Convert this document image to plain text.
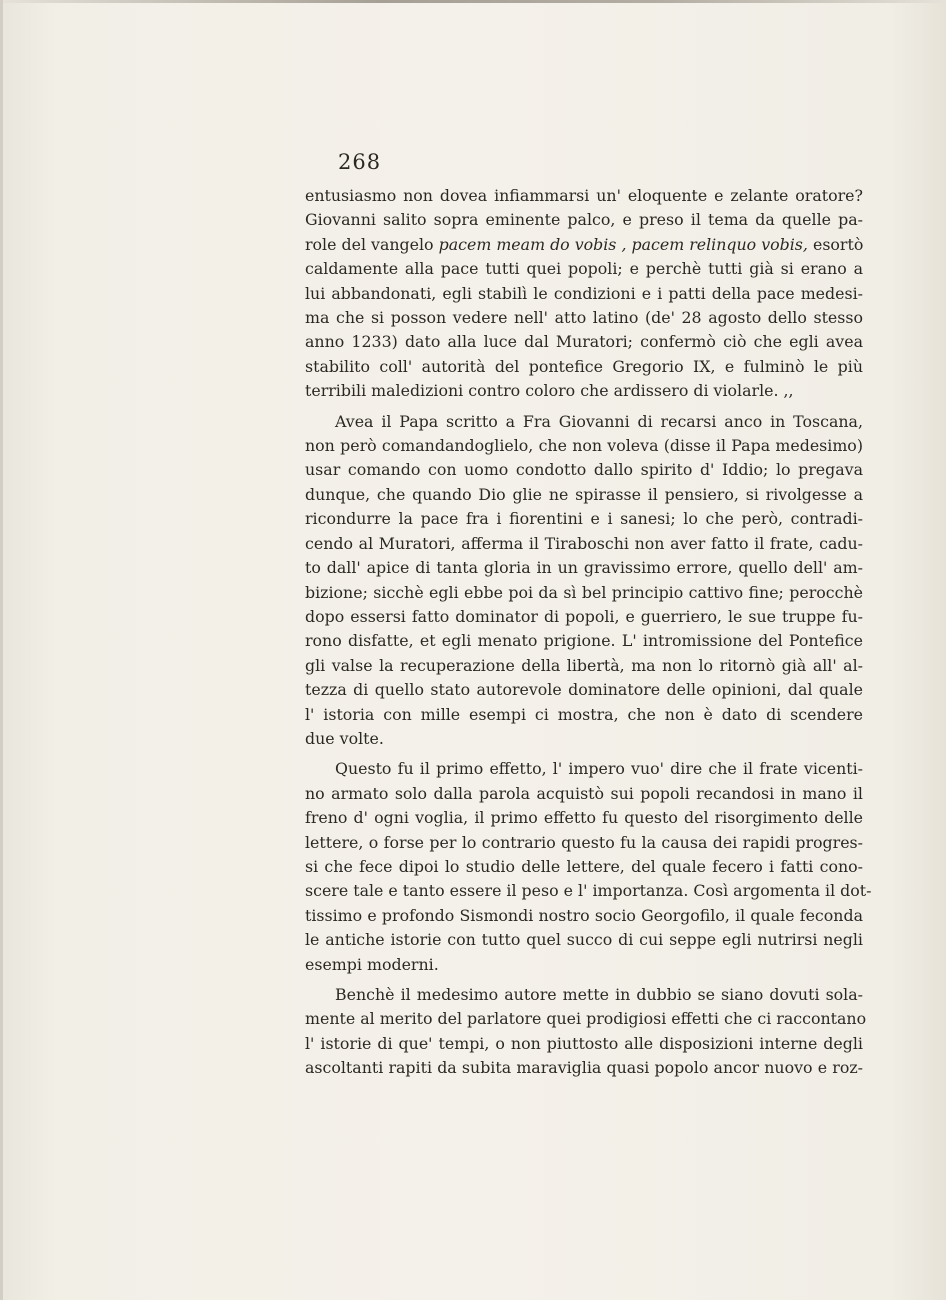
268
entusiasmo non dovea infiammarsi un' eloquente e zelante oratore?
Giovanni salito sopra eminente palco, e preso il tema da quelle pa-
role del vangelo pacem meam do vobis , pacem relinquo vobis, esortò
caldamente alla pace tutti quei popoli; e perchè tutti già si erano a
lui abbandonati, egli stabilì le condizioni e i patti della pace medesi-
ma che si posson vedere nell' atto latino (de' 28 agosto dello stesso
anno 1233) dato alla luce dal Muratori; confermò ciò che egli avea
stabilito coll' autorità del pontefice Gregorio IX, e fulminò le più
terribili maledizioni contro coloro che ardissero di violarle. ,,
Avea il Papa scritto a Fra Giovanni di recarsi anco in Toscana,
non però comandandoglielo, che non voleva (disse il Papa medesimo)
usar comando con uomo condotto dallo spirito d' Iddio; lo pregava
dunque, che quando Dio glie ne spirasse il pensiero, si rivolgesse a
ricondurre la pace fra i fiorentini e i sanesi; lo che però, contradi-
cendo al Muratori, afferma il Tiraboschi non aver fatto il frate, cadu-
to dall' apice di tanta gloria in un gravissimo errore, quello dell' am-
bizione; sicchè egli ebbe poi da sì bel principio cattivo fine; perocchè
dopo essersi fatto dominator di popoli, e guerriero, le sue truppe fu-
rono disfatte, et egli menato prigione. L' intromissione del Pontefice
gli valse la recuperazione della libertà, ma non lo ritornò già all' al-
tezza di quello stato autorevole dominatore delle opinioni, dal quale
l' istoria con mille esempi ci mostra, che non è dato di scendere
due volte.
Questo fu il primo effetto, l' impero vuo' dire che il frate vicenti-
no armato solo dalla parola acquistò sui popoli recandosi in mano il
freno d' ogni voglia, il primo effetto fu questo del risorgimento delle
lettere, o forse per lo contrario questo fu la causa dei rapidi progres-
si che fece dipoi lo studio delle lettere, del quale fecero i fatti cono-
scere tale e tanto essere il peso e l' importanza. Così argomenta il dot-
tissimo e profondo Sismondi nostro socio Georgofilo, il quale feconda
le antiche istorie con tutto quel succo di cui seppe egli nutrirsi negli
esempi moderni.
Benchè il medesimo autore mette in dubbio se siano dovuti sola-
mente al merito del parlatore quei prodigiosi effetti che ci raccontano
l' istorie di que' tempi, o non piuttosto alle disposizioni interne degli
ascoltanti rapiti da subita maraviglia quasi popolo ancor nuovo e roz-
